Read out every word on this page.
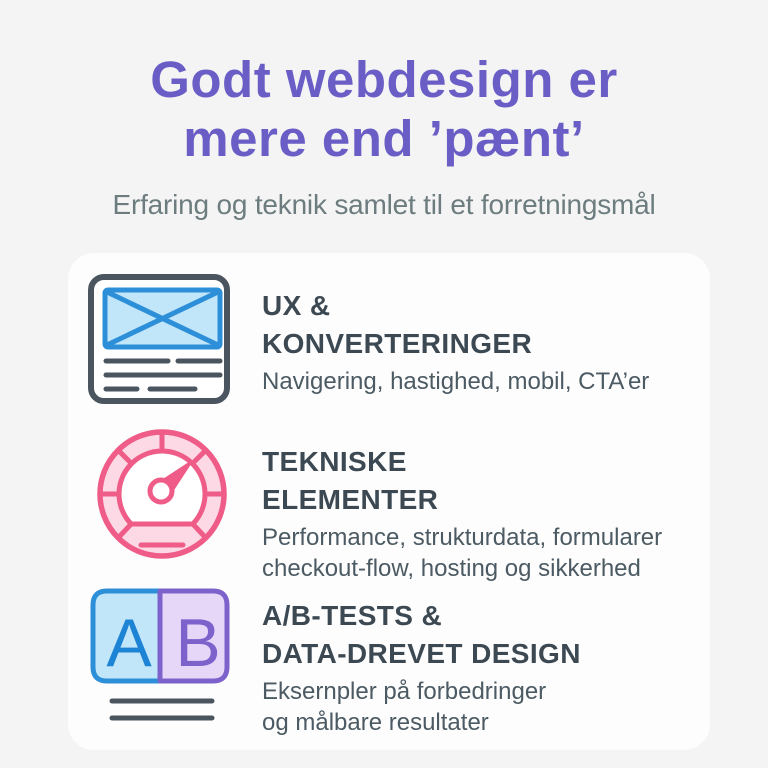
Godt webdesign er
mere end ’pænt’

Erfaring og teknik samlet til et forretningsmål

UX &
KONVERTERINGER

Navigering, hastighed, mobil, CTA’er

TEKNISKE
ELEMENTER

Performance, strukturdata, formularer
checkout-flow, hosting og sikkerhed

A B A/B-TESTS &
DATA-DREVET DESIGN

Eksernpler på forbedringer
og målbare resultater
